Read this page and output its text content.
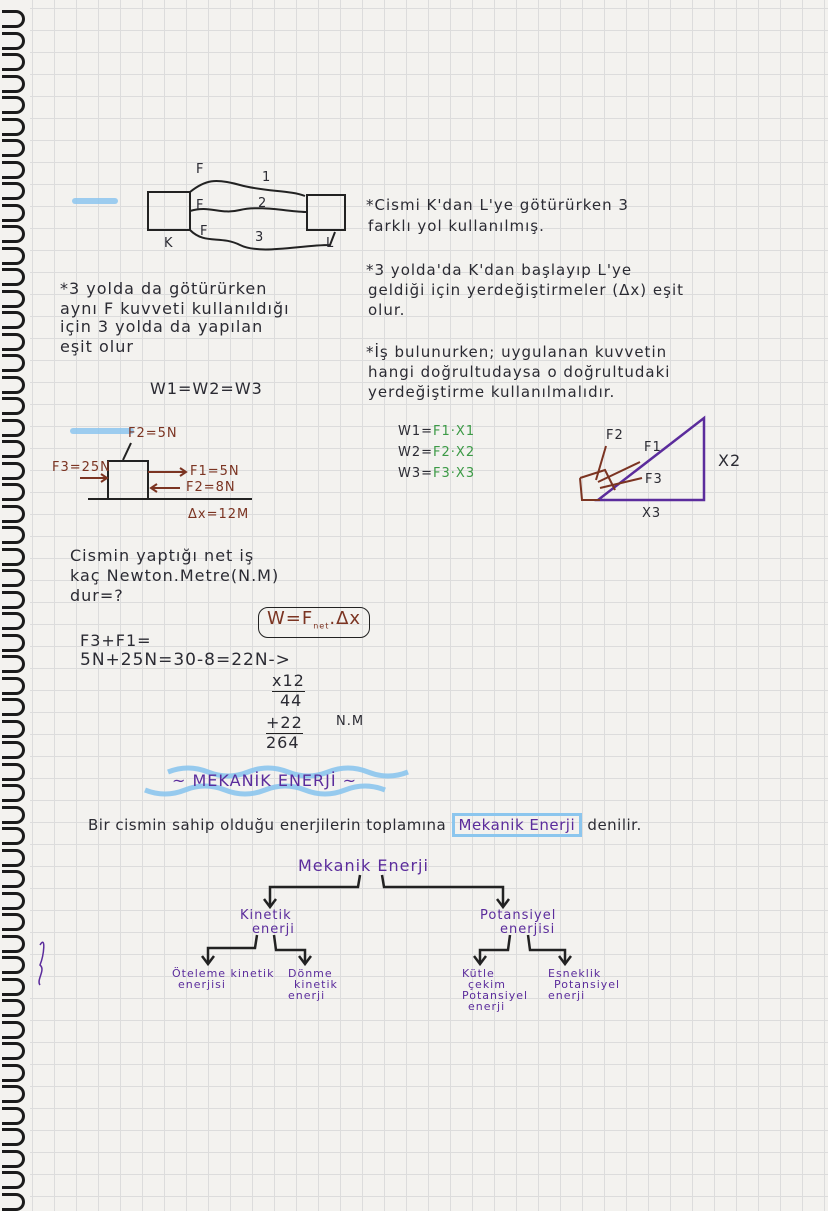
F
F
F
1
2
3
K	L
*Cismi K'dan L'ye götürürken 3
farklı yol kullanılmış.
*3 yolda'da K'dan başlayıp L'ye
geldiği için yerdeğiştirmeler (Δx) eşit
olur.
*İş bulunurken; uygulanan kuvvetin
hangi doğrultudaysa o doğrultudaki
yerdeğiştirme kullanılmalıdır.
*3 yolda da götürürken
aynı F kuvveti kullanıldığı
için 3 yolda da yapılan
eşit olur
W1=W2=W3
F2=5N
F3=25N	F1=5N
F2=8N
Δx=12M
Cismin yaptığı net iş
kaç Newton.Metre(N.M)
dur=?
$W=F_{net}.\Delta x$
F3+F1=
5N+25N=30-8=22N->
x12
44
+22	N.M
264
W1=F1·X1
W2=F2·X2
W3=F3·X3
F2
F1
F3
X2
X3
~ MEKANİK ENERJİ ~
Bir cismin sahip olduğu enerjilerin toplamına Mekanik Enerji denilir.
Mekanik Enerji
Kinetik
enerji
Potansiyel
enerjisi
Öteleme kinetik
enerjisi
Dönme
kinetik
enerji
Kütle
çekim
Potansiyel
enerji
Esneklik
Potansiyel
enerji
